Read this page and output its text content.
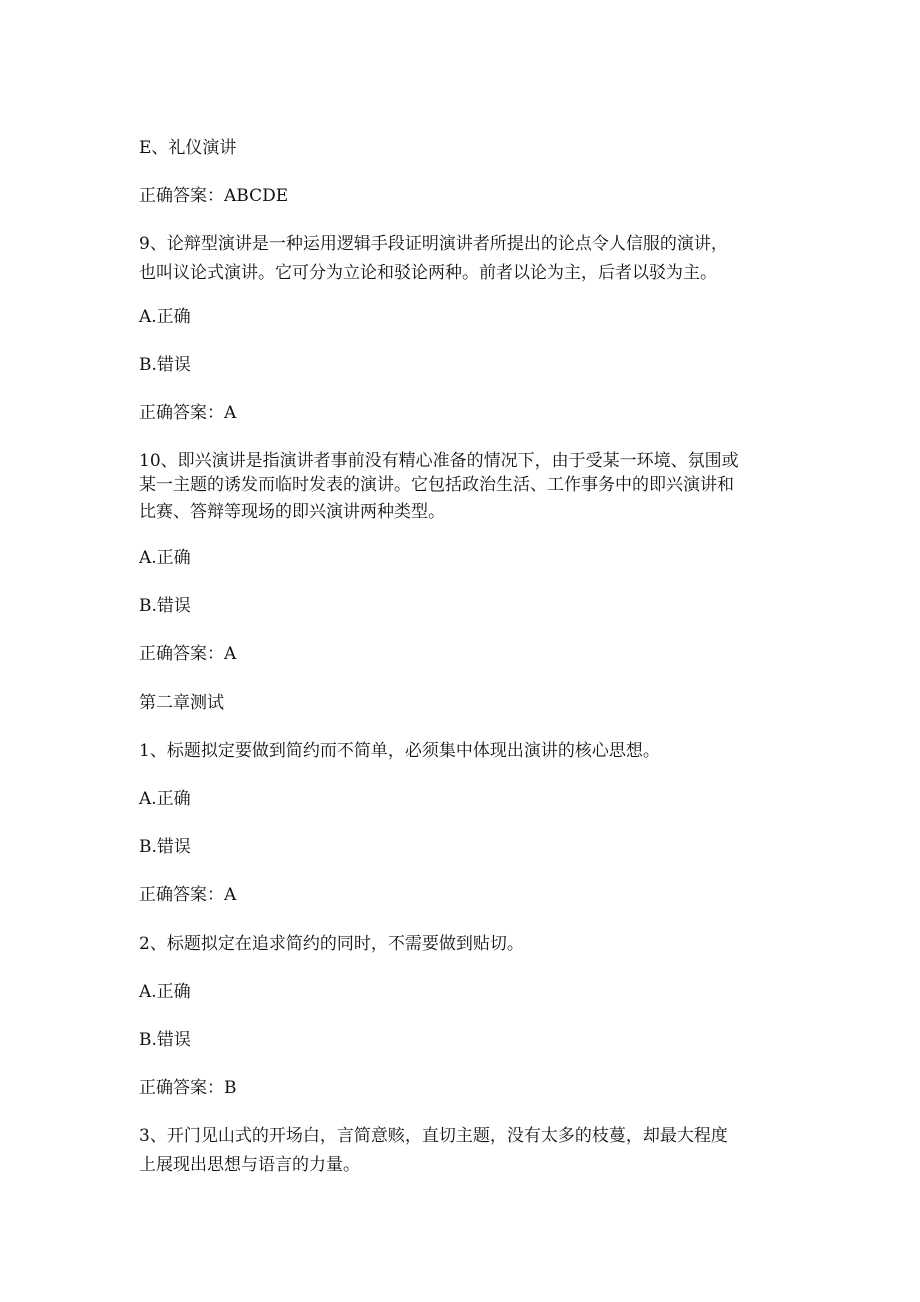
E、礼仪演讲

正确答案：ABCDE

9、论辩型演讲是一种运用逻辑手段证明演讲者所提出的论点令人信服的演讲，

也叫议论式演讲。它可分为立论和驳论两种。前者以论为主，后者以驳为主。

A.正确

B.错误

正确答案：A

10、即兴演讲是指演讲者事前没有精心准备的情况下，由于受某一环境、氛围或

某一主题的诱发而临时发表的演讲。它包括政治生活、工作事务中的即兴演讲和

比赛、答辩等现场的即兴演讲两种类型。

A.正确

B.错误

正确答案：A

第二章测试

1、标题拟定要做到简约而不简单，必须集中体现出演讲的核心思想。

A.正确

B.错误

正确答案：A

2、标题拟定在追求简约的同时，不需要做到贴切。

A.正确

B.错误

正确答案：B

3、开门见山式的开场白，言简意赅，直切主题，没有太多的枝蔓，却最大程度

上展现出思想与语言的力量。
